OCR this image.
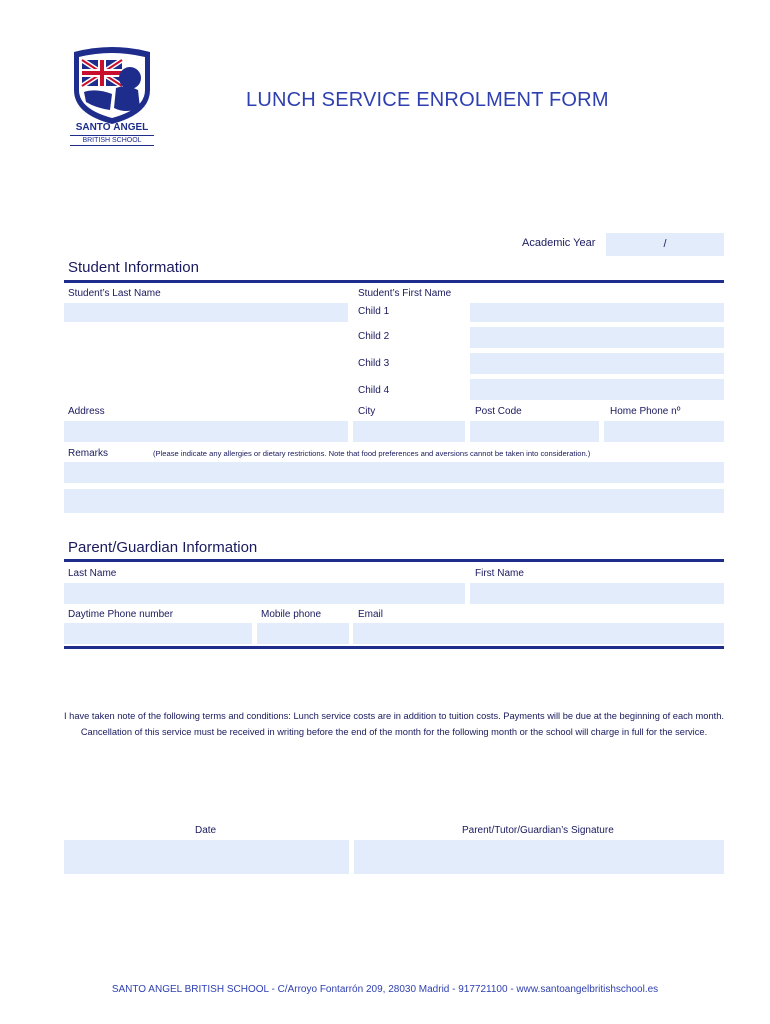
SANTO ÁNGEL
BRITISH SCHOOL
LUNCH SERVICE ENROLMENT FORM
Academic Year	/
Student Information
Student’s Last Name	Student’s First Name
Child 1
Child 2
Child 3
Child 4
Address	City	Post Code	Home Phone nº
Remarks	(Please indicate any allergies or dietary restrictions. Note that food preferences and aversions cannot be taken into consideration.)
Parent/Guardian Information
Last Name	First Name
Daytime Phone number	Mobile phone	Email
I have taken note of the following terms and conditions: Lunch service costs are in addition to tuition costs. Payments will be due at the beginning of each month. Cancellation of this service must be received in writing before the end of the month for the following month or the school will charge in full for the service.
Date	Parent/Tutor/Guardian’s Signature
SANTO ANGEL BRITISH SCHOOL - C/Arroyo Fontarrón 209, 28030 Madrid - 917721100 - www.santoangelbritishschool.es
